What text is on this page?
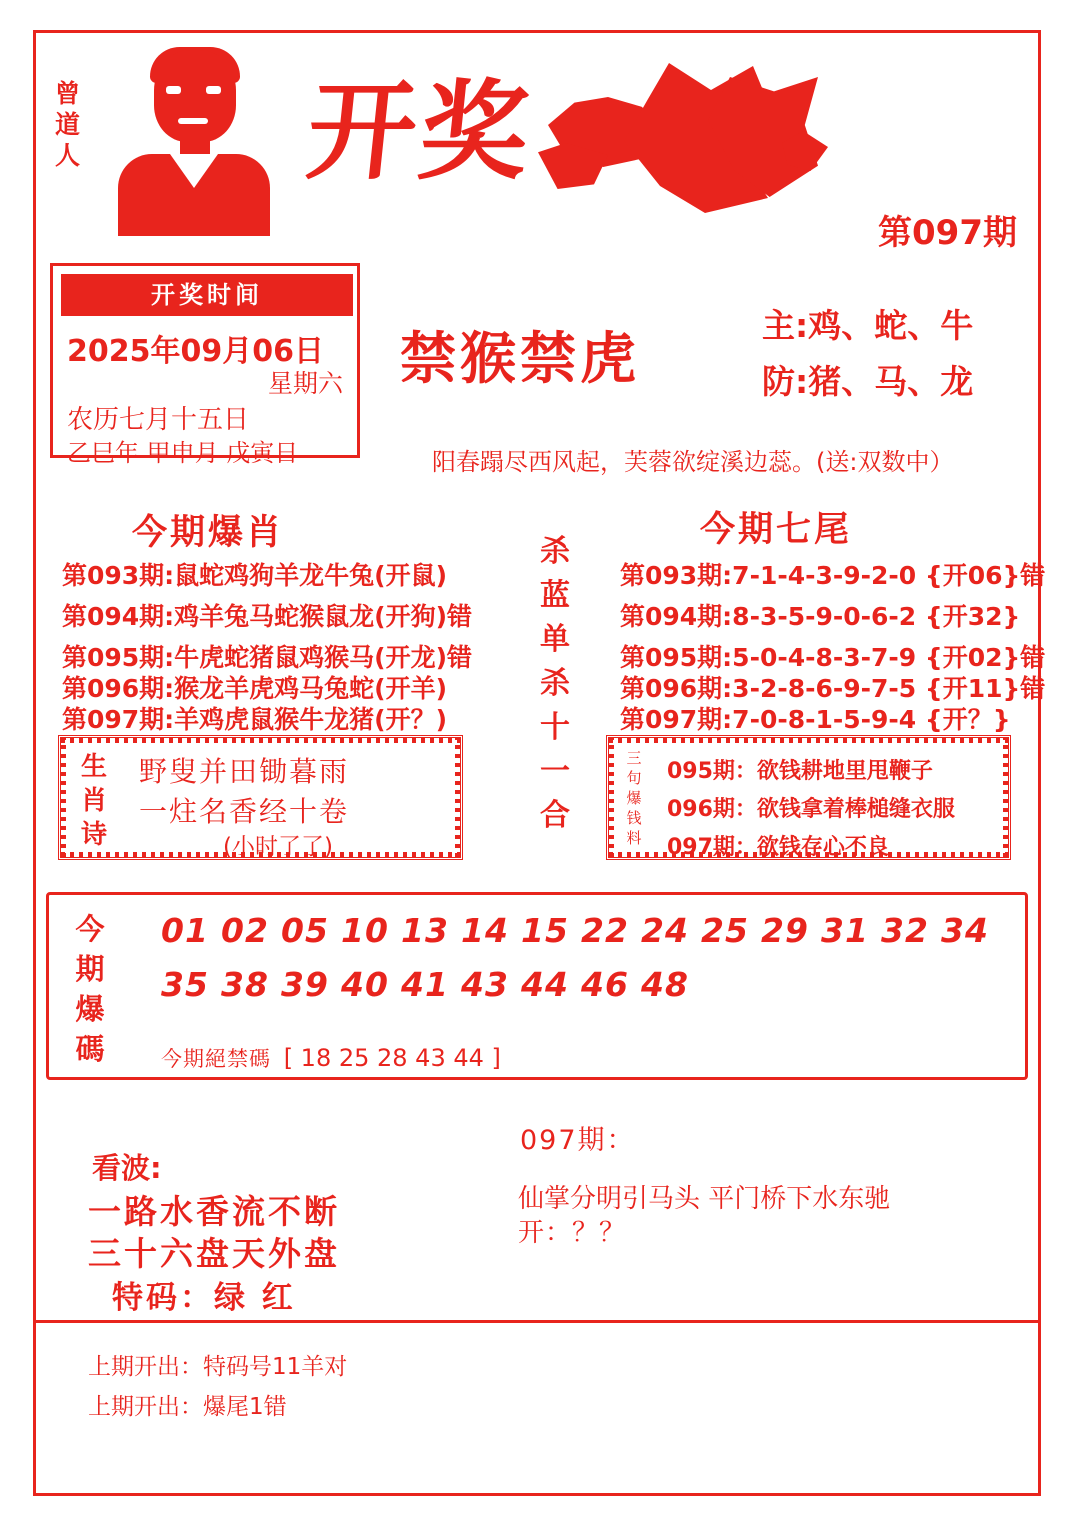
曾道人 开奖
第097期
开奖时间
2025年09月06日
星期六
农历七月十五日
乙巳年 甲申月 戊寅日
禁猴禁虎
主:鸡、蛇、牛
防:猪、马、龙
阳春蹋尽西风起，芙蓉欲绽溪边蕊。(送:双数中）
今期爆肖
第093期:鼠蛇鸡狗羊龙牛兔(开鼠)
第094期:鸡羊兔马蛇猴鼠龙(开狗)错
第095期:牛虎蛇猪鼠鸡猴马(开龙)错
第096期:猴龙羊虎鸡马兔蛇(开羊)
第097期:羊鸡虎鼠猴牛龙猪(开？)
杀
蓝
单
杀
十
一
合
今期七尾
第093期:7-1-4-3-9-2-0 {开06}错
第094期:8-3-5-9-0-6-2 {开32}
第095期:5-0-4-8-3-7-9 {开02}错
第096期:3-2-8-6-9-7-5 {开11}错
第097期:7-0-8-1-5-9-4 {开？}
生
肖
诗
野叟并田锄暮雨
一炷名香经十卷
(小时了了)
三
句
爆
钱
料
095期：欲钱耕地里甩鞭子
096期：欲钱拿着棒槌缝衣服
097期：欲钱存心不良
今
期
爆
碼
01 02 05 10 13 14 15 22 24 25 29 31 32 34
35 38 39 40 41 43 44 46 48
今期絕禁碼 [ 18 25 28 43 44 ]
看波:
一路水香流不断
三十六盘天外盘
特码：绿 红
097期：
仙掌分明引马头 平门桥下水东驰
开：？？
上期开出：特码号11羊对
上期开出：爆尾1错
